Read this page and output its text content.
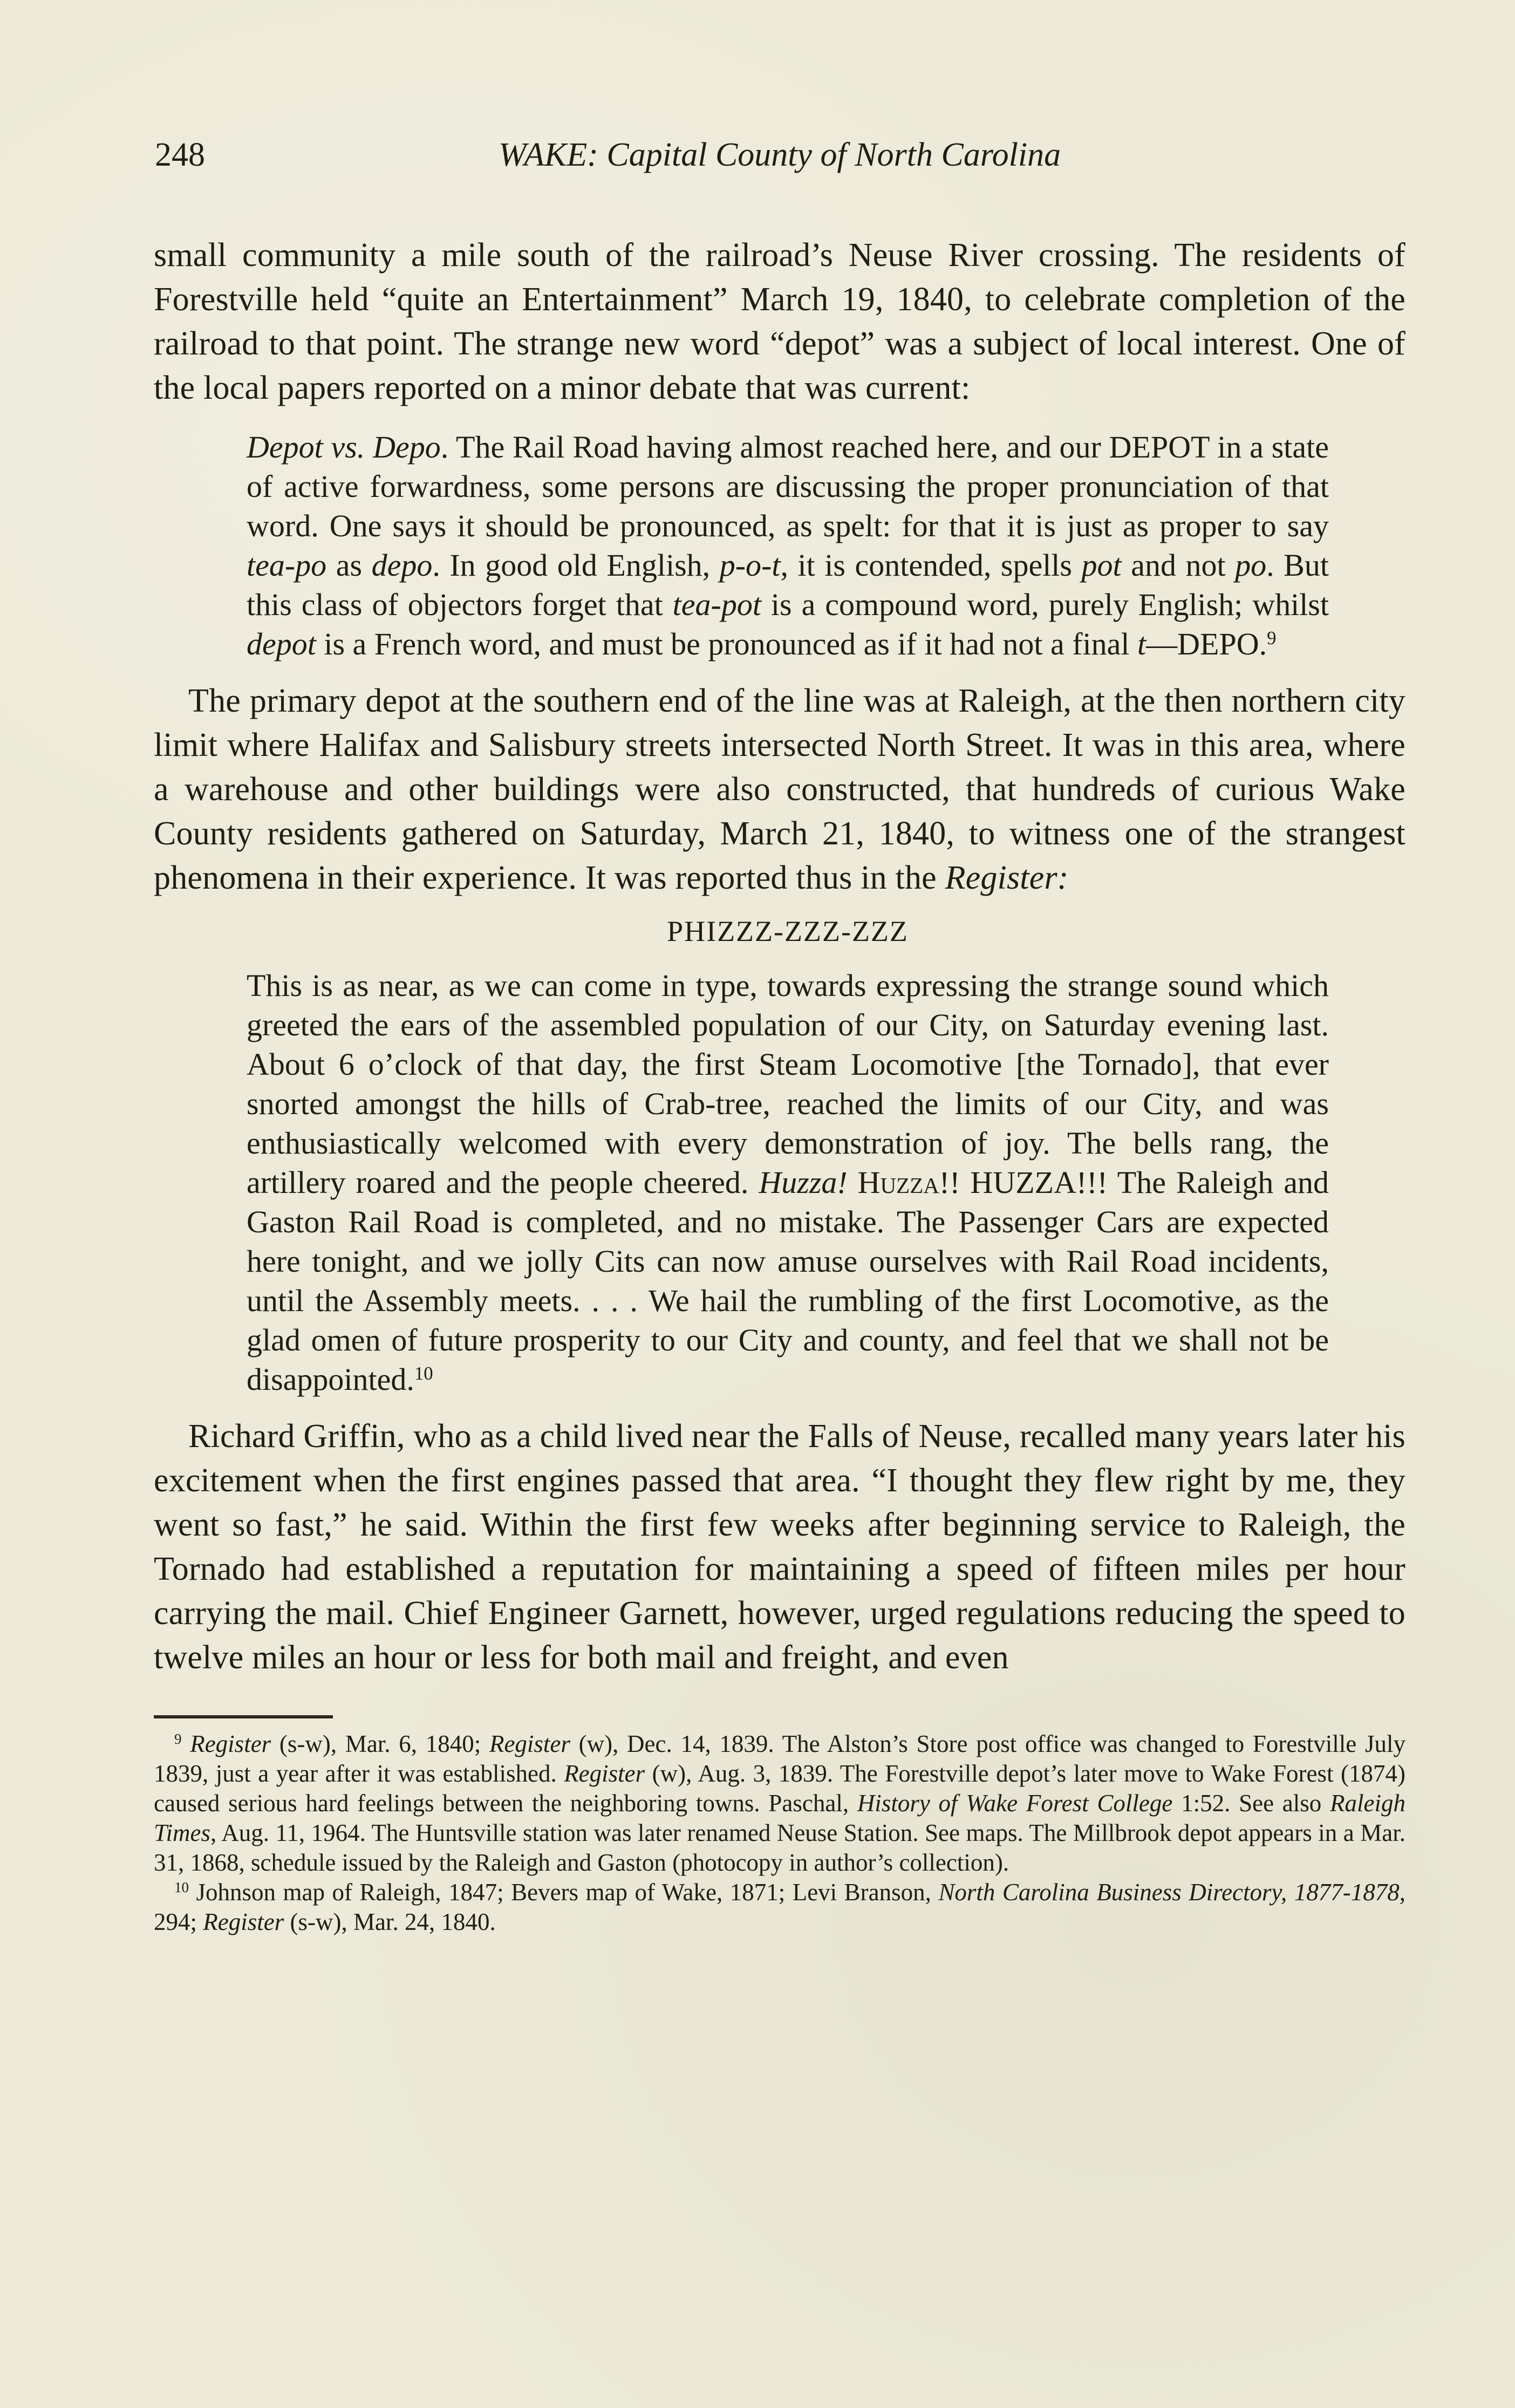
248	WAKE: Capital County of North Carolina

small community a mile south of the railroad’s Neuse River crossing. The residents of Forestville held “quite an Entertainment” March 19, 1840, to celebrate completion of the railroad to that point. The strange new word “depot” was a subject of local interest. One of the local papers reported on a minor debate that was current:

Depot vs. Depo. The Rail Road having almost reached here, and our DEPOT in a state of active forwardness, some persons are discussing the proper pronunciation of that word. One says it should be pronounced, as spelt: for that it is just as proper to say tea-po as depo. In good old English, p-o-t, it is contended, spells pot and not po. But this class of objectors forget that tea-pot is a compound word, purely English; whilst depot is a French word, and must be pronounced as if it had not a final t—DEPO.$^9$

The primary depot at the southern end of the line was at Raleigh, at the then northern city limit where Halifax and Salisbury streets intersected North Street. It was in this area, where a warehouse and other buildings were also constructed, that hundreds of curious Wake County residents gathered on Saturday, March 21, 1840, to witness one of the strangest phenomena in their experience. It was reported thus in the Register:

PHIZZZ-ZZZ-ZZZ
This is as near, as we can come in type, towards expressing the strange sound which greeted the ears of the assembled population of our City, on Saturday evening last. About 6 o’clock of that day, the first Steam Locomotive [the Tornado], that ever snorted amongst the hills of Crab-tree, reached the limits of our City, and was enthusiastically welcomed with every demonstration of joy. The bells rang, the artillery roared and the people cheered. Huzza! Huzza!! HUZZA!!! The Raleigh and Gaston Rail Road is completed, and no mistake. The Passenger Cars are expected here tonight, and we jolly Cits can now amuse ourselves with Rail Road incidents, until the Assembly meets. . . . We hail the rumbling of the first Locomotive, as the glad omen of future prosperity to our City and county, and feel that we shall not be disappointed.$^{10}$

Richard Griffin, who as a child lived near the Falls of Neuse, recalled many years later his excitement when the first engines passed that area. “I thought they flew right by me, they went so fast,” he said. Within the first few weeks after beginning service to Raleigh, the Tornado had established a reputation for maintaining a speed of fifteen miles per hour carrying the mail. Chief Engineer Garnett, however, urged regulations reducing the speed to twelve miles an hour or less for both mail and freight, and even

$^9$ Register (s-w), Mar. 6, 1840; Register (w), Dec. 14, 1839. The Alston’s Store post office was changed to Forestville July 1839, just a year after it was established. Register (w), Aug. 3, 1839. The Forestville depot’s later move to Wake Forest (1874) caused serious hard feelings between the neighboring towns. Paschal, History of Wake Forest College 1:52. See also Raleigh Times, Aug. 11, 1964. The Huntsville station was later renamed Neuse Station. See maps. The Millbrook depot appears in a Mar. 31, 1868, schedule issued by the Raleigh and Gaston (photocopy in author’s collection).

$^{10}$ Johnson map of Raleigh, 1847; Bevers map of Wake, 1871; Levi Branson, North Carolina Business Directory, 1877-1878, 294; Register (s-w), Mar. 24, 1840.
